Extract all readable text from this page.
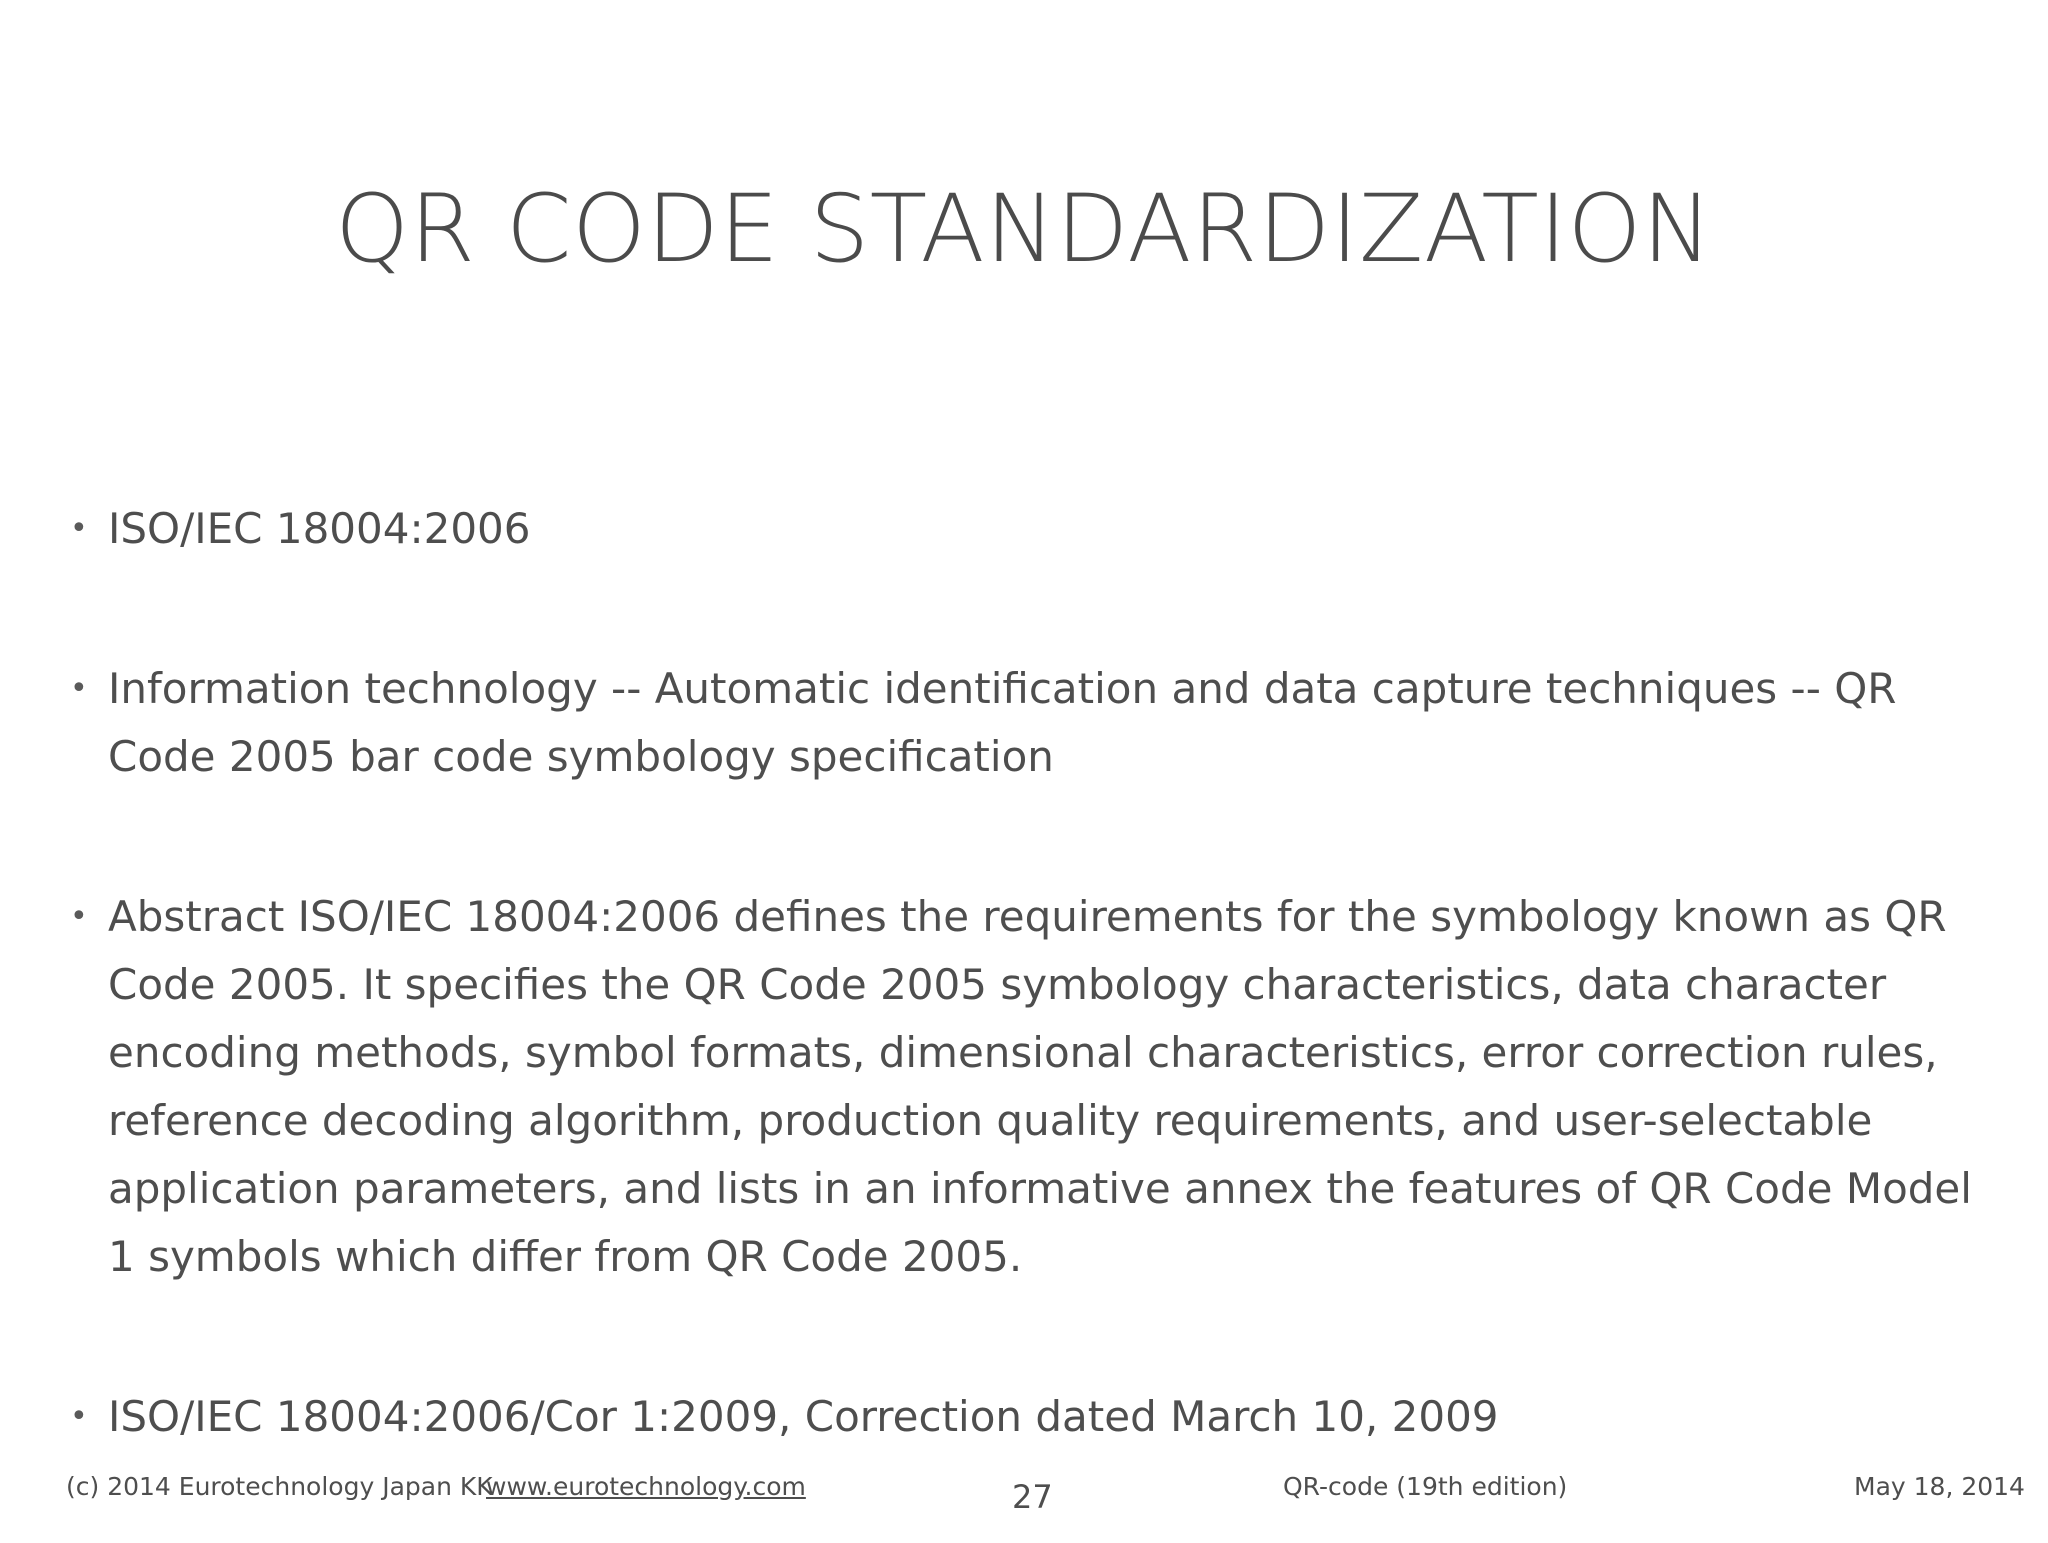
QR CODE STANDARDIZATION
• ISO/IEC 18004:2006
• Information technology -- Automatic identification and data capture techniques -- QR Code 2005 bar code symbology specification
• Abstract ISO/IEC 18004:2006 defines the requirements for the symbology known as QR Code 2005. It specifies the QR Code 2005 symbology characteristics, data character encoding methods, symbol formats, dimensional characteristics, error correction rules, reference decoding algorithm, production quality requirements, and user-selectable application parameters, and lists in an informative annex the features of QR Code Model 1 symbols which differ from QR Code 2005.
• ISO/IEC 18004:2006/Cor 1:2009, Correction dated March 10, 2009
(c) 2014 Eurotechnology Japan KK
www.eurotechnology.com	27	QR-code (19th edition)	May 18, 2014
